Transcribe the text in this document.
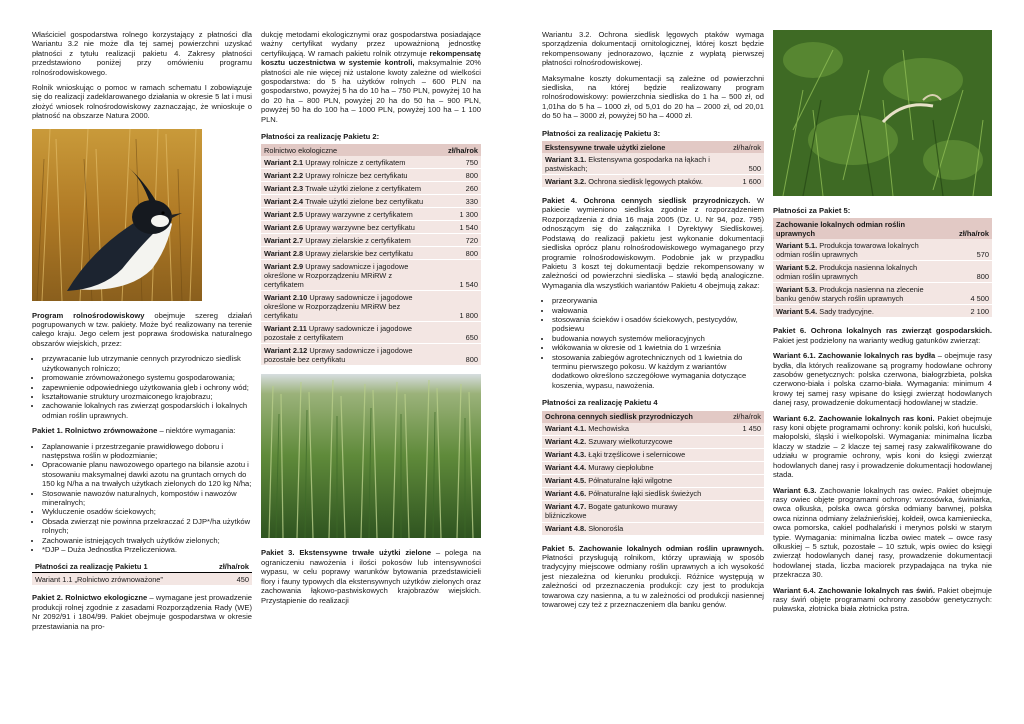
Właściciel gospodarstwa rolnego korzystający z płatności dla Wariantu 3.2 nie może dla tej samej powierzchni uzyskać płatności z tytułu realizacji pakietu 4. Zakresy płatności przedstawiono poniżej przy omówieniu programu rolnośrodowiskowego.

Rolnik wnioskując o pomoc w ramach schematu I zobowiązuje się do realizacji zadeklarowanego działania w okresie 5 lat i musi złożyć wniosek rolnośrodowiskowy zaznaczając, że wnioskuje o płatność na obszarze Natura 2000.

Program rolnośrodowiskowy obejmuje szereg działań pogrupowanych w tzw. pakiety. Może być realizowany na terenie całego kraju. Jego celem jest poprawa środowiska naturalnego obszarów wiejskich, przez:

• przywracanie lub utrzymanie cennych przyrodniczo siedlisk użytkowanych rolniczo;
• promowanie zrównoważonego systemu gospodarowania;
• zapewnienie odpowiedniego użytkowania gleb i ochrony wód;
• kształtowanie struktury urozmaiconego krajobrazu;
• zachowanie lokalnych ras zwierząt gospodarskich i lokalnych odmian roślin uprawnych.

Pakiet 1. Rolnictwo zrównoważone – niektóre wymagania:

• Zaplanowanie i przestrzeganie prawidłowego doboru i następstwa roślin w płodozmianie;
• Opracowanie planu nawozowego opartego na bilansie azotu i stosowaniu maksymalnej dawki azotu na gruntach ornych do 150 kg N/ha a na trwałych użytkach zielonych do 120 kg N/ha;
• Stosowanie nawozów naturalnych, kompostów i nawozów mineralnych;
• Wykluczenie osadów ściekowych;
• Obsada zwierząt nie powinna przekraczać 2 DJP*/ha użytków rolnych;
• Zachowanie istniejących trwałych użytków zielonych;
• *DJP – Duża Jednostka Przeliczeniowa.
Płatności za realizację Pakietu 1	zł/ha/rok
Wariant 1.1 „Rolnictwo zrównoważone”	450

Pakiet 2. Rolnictwo ekologiczne – wymagane jest prowadzenie produkcji rolnej zgodnie z zasadami Rozporządzenia Rady (WE) Nr 2092/91 i 1804/99. Pakiet obejmuje gospodarstwa w okresie przestawiania na pro-

dukcję metodami ekologicznymi oraz gospodarstwa posiadające ważny certyfikat wydany przez upoważnioną jednostkę certyfikującą. W ramach pakietu rolnik otrzymuje rekompensatę kosztu uczestnictwa w systemie kontroli, maksymalnie 20% płatności ale nie więcej niż ustalone kwoty zależne od wielkości gospodarstwa: do 5 ha użytków rolnych – 600 PLN na gospodarstwo, powyżej 5 ha do 10 ha – 750 PLN, powyżej 10 ha do 20 ha – 800 PLN, powyżej 20 ha do 50 ha – 900 PLN, powyżej 50 ha do 100 ha – 1000 PLN, powyżej 100 ha – 1 100 PLN.

Płatności za realizację Pakietu 2:
Rolnictwo ekologiczne	zł/ha/rok
Wariant 2.1 Uprawy rolnicze z certyfikatem	750
Wariant 2.2 Uprawy rolnicze bez certyfikatu	800
Wariant 2.3 Trwałe użytki zielone z certyfikatem	260
Wariant 2.4 Trwałe użytki zielone bez certyfikatu	330
Wariant 2.5 Uprawy warzywne z certyfikatem	1 300
Wariant 2.6 Uprawy warzywne bez certyfikatu	1 540
Wariant 2.7 Uprawy zielarskie z certyfikatem	720
Wariant 2.8 Uprawy zielarskie bez certyfikatu	800
Wariant 2.9 Uprawy sadownicze i jagodowe określone w Rozporządzeniu MRiRW z certyfikatem	1 540
Wariant 2.10 Uprawy sadownicze i jagodowe określone w Rozporządzeniu MRiRW bez certyfikatu	1 800
Wariant 2.11 Uprawy sadownicze i jagodowe pozostałe z certyfikatem	650
Wariant 2.12 Uprawy sadownicze i jagodowe pozostałe bez certyfikatu	800

Pakiet 3. Ekstensywne trwałe użytki zielone – polega na ograniczeniu nawożenia i ilości pokosów lub intensywności wypasu, w celu poprawy warunków bytowania przedstawicieli flory i fauny typowych dla ekstensywnych użytków zielonych oraz zachowania łąkowo-pastwiskowych krajobrazów wiejskich. Przystąpienie do realizacji

Wariantu 3.2. Ochrona siedlisk lęgowych ptaków wymaga sporządzenia dokumentacji ornitologicznej, której koszt będzie rekompensowany jednorazowo, łącznie z wypłatą pierwszej płatności rolnośrodowiskowej.

Maksymalne koszty dokumentacji są zależne od powierzchni siedliska, na której będzie realizowany program rolnośrodowiskowy: powierzchnia siedliska do 1 ha – 500 zł, od 1,01ha do 5 ha – 1000 zł, od 5,01 do 20 ha – 2000 zł, od 20,01 do 50 ha – 3000 zł, powyżej 50 ha – 4000 zł.

Płatności za realizację Pakietu 3:
Ekstensywne trwałe użytki zielone	zł/ha/rok
Wariant 3.1. Ekstensywna gospodarka na łąkach i pastwiskach;	500
Wariant 3.2. Ochrona siedlisk lęgowych ptaków.	1 600

Pakiet 4. Ochrona cennych siedlisk przyrodniczych. W pakiecie wymieniono siedliska zgodnie z rozporządzeniem Rozporządzenia z dnia 16 maja 2005 (Dz. U. Nr 94, poz. 795) odnoszącym się do załącznika I Dyrektywy Siedliskowej. Podstawą do realizacji pakietu jest wykonanie dokumentacji siedliska oprócz planu rolnośrodowiskowego wymaganego przy programie rolnośrodowiskowym. Podobnie jak w przypadku Pakietu 3 koszt tej dokumentacji będzie rekompensowany w zależności od powierzchni siedliska – stawki będą analogiczne. Wymagania dla wszystkich wariantów Pakietu 4 obejmują zakaz:

• przeorywania
• wałowania
• stosowania ścieków i osadów ściekowych, pestycydów, podsiewu
• budowania nowych systemów melioracyjnych
• włókowania w okresie od 1 kwietnia do 1 września
• stosowania zabiegów agrotechnicznych od 1 kwietnia do terminu pierwszego pokosu. W każdym z wariantów dodatkowo określono szczegółowe wymagania dotyczące koszenia, wypasu, nawożenia.
Płatności za realizację Pakietu 4
Ochrona cennych siedlisk przyrodniczych	zł/ha/rok
Wariant 4.1. Mechowiska	1 450
Wariant 4.2. Szuwary wielkoturzycowe	
Wariant 4.3. Łąki trzęślicowe i selernicowe	
Wariant 4.4. Murawy ciepłolubne	
Wariant 4.5. Półnaturalne łąki wilgotne	
Wariant 4.6. Półnaturalne łąki siedlisk świeżych	
Wariant 4.7. Bogate gatunkowo murawy bliźniczkowe	
Wariant 4.8. Słonorośla	

Pakiet 5. Zachowanie lokalnych odmian roślin uprawnych. Płatności przysługują rolnikom, którzy uprawiają w sposób tradycyjny miejscowe odmiany roślin uprawnych a ich wysokość jest niezależna od kierunku produkcji. Różnice występują w zależności od przeznaczenia produkcji: czy jest to produkcja towarowa czy nasienna, a tu w zależności od produkcji nasiennej towarowej czy też z przeznaczeniem dla banku genów.

Płatności za Pakiet 5:
Zachowanie lokalnych odmian roślin uprawnych	zł/ha/rok
Wariant 5.1. Produkcja towarowa lokalnych odmian roślin uprawnych	570
Wariant 5.2. Produkcja nasienna lokalnych odmian roślin uprawnych	800
Wariant 5.3. Produkcja nasienna na zlecenie banku genów starych roślin uprawnych	4 500
Wariant 5.4. Sady tradycyjne.	2 100

Pakiet 6. Ochrona lokalnych ras zwierząt gospodarskich. Pakiet jest podzielony na warianty według gatunków zwierząt:

Wariant 6.1. Zachowanie lokalnych ras bydła – obejmuje rasy bydła, dla których realizowane są programy hodowlane ochrony zasobów genetycznych: polska czerwona, białogrzbieta, polska czerwono-biała i polska czarno-biała. Wymagania: minimum 4 krowy tej samej rasy wpisane do księgi zwierząt hodowlanych danej rasy, prowadzenie dokumentacji hodowlanej w stadzie.

Wariant 6.2. Zachowanie lokalnych ras koni. Pakiet obejmuje rasy koni objęte programami ochrony: konik polski, koń huculski, małopolski, śląski i wielkopolski. Wymagania: minimalna liczba klaczy w stadzie – 2 klacze tej samej rasy zakwalifikowane do udziału w programie ochrony, wpis koni do księgi zwierząt hodowlanych danej rasy i prowadzenie dokumentacji hodowlanej stada.

Wariant 6.3. Zachowanie lokalnych ras owiec. Pakiet obejmuje rasy owiec objęte programami ochrony: wrzosówka, świniarka, owca olkuska, polska owca górska odmiany barwnej, polska owca nizinna odmiany żelaźnieńskiej, kołdeił, owca kamieniecka, owca pomorska, cakiel podhalański i merynos polski w starym typie. Wymagania: minimalna liczba owiec matek – owce rasy olkuskiej – 5 sztuk, pozostałe – 10 sztuk, wpis owiec do księgi zwierząt hodowlanych danej rasy, prowadzenie dokumentacji hodowlanej stada, liczba maciorek przypadająca na tryka nie przekracza 30.

Wariant 6.4. Zachowanie lokalnych ras świń. Pakiet obejmuje rasy świń objęte programami ochrony zasobów genetycznych: puławska, złotnicka biała złotnicka pstra.
